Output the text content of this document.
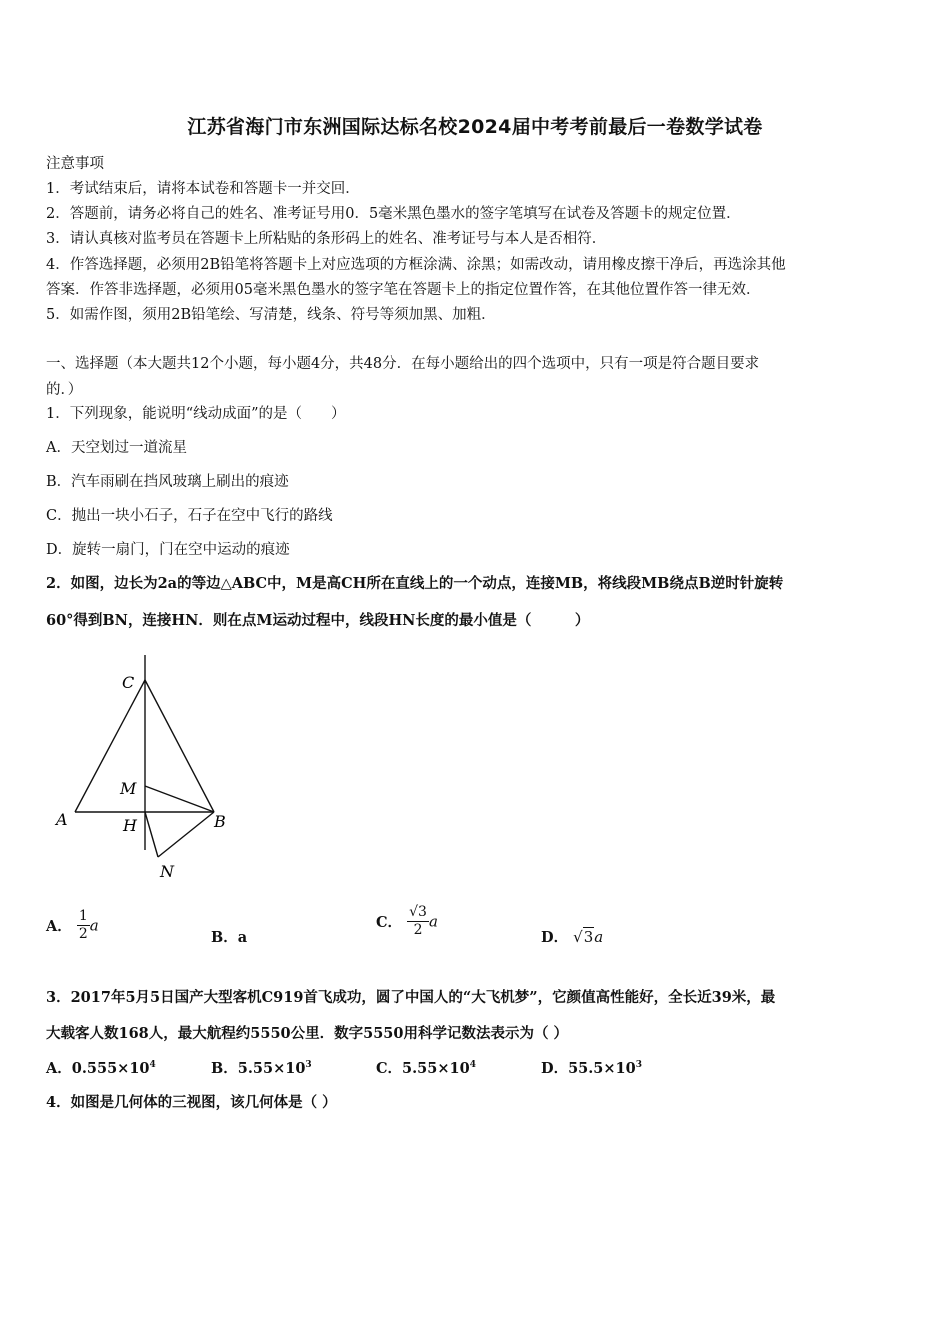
江苏省海门市东洲国际达标名校2024届中考考前最后一卷数学试卷
注意事项
1．考试结束后，请将本试卷和答题卡一并交回．
2．答题前，请务必将自己的姓名、准考证号用0．5毫米黑色墨水的签字笔填写在试卷及答题卡的规定位置．
3．请认真核对监考员在答题卡上所粘贴的条形码上的姓名、准考证号与本人是否相符．
4．作答选择题，必须用2B铅笔将答题卡上对应选项的方框涂满、涂黑；如需改动，请用橡皮擦干净后，再选涂其他
答案．作答非选择题，必须用05毫米黑色墨水的签字笔在答题卡上的指定位置作答，在其他位置作答一律无效．
5．如需作图，须用2B铅笔绘、写清楚，线条、符号等须加黑、加粗．
一、选择题（本大题共12个小题，每小题4分，共48分．在每小题给出的四个选项中，只有一项是符合题目要求
的．）
1．下列现象，能说明“线动成面”的是（　　）
A．天空划过一道流星
B．汽车雨刷在挡风玻璃上刷出的痕迹
C．抛出一块小石子，石子在空中飞行的路线
D．旋转一扇门，门在空中运动的痕迹
2．如图，边长为2a的等边△ABC中，M是高CH所在直线上的一个动点，连接MB，将线段MB绕点B逆时针旋转
60°得到BN，连接HN．则在点M运动过程中，线段HN长度的最小值是（　　　）
C
M
A	H	B
N
A． $\frac{1}{2}$ a
B．a
C． $\frac{√3}{2}$ a
D． √3a
3．2017年5月5日国产大型客机C919首飞成功，圆了中国人的“大飞机梦”，它颜值高性能好，全长近39米，最
大载客人数168人，最大航程约5550公里．数字5550用科学记数法表示为（ ）
A．$0.555\times 10^4$	B．$5.55\times 10^3$	C．$5.55\times 10^4$	D．$55.5\times 10^3$
4．如图是几何体的三视图，该几何体是（ ）
